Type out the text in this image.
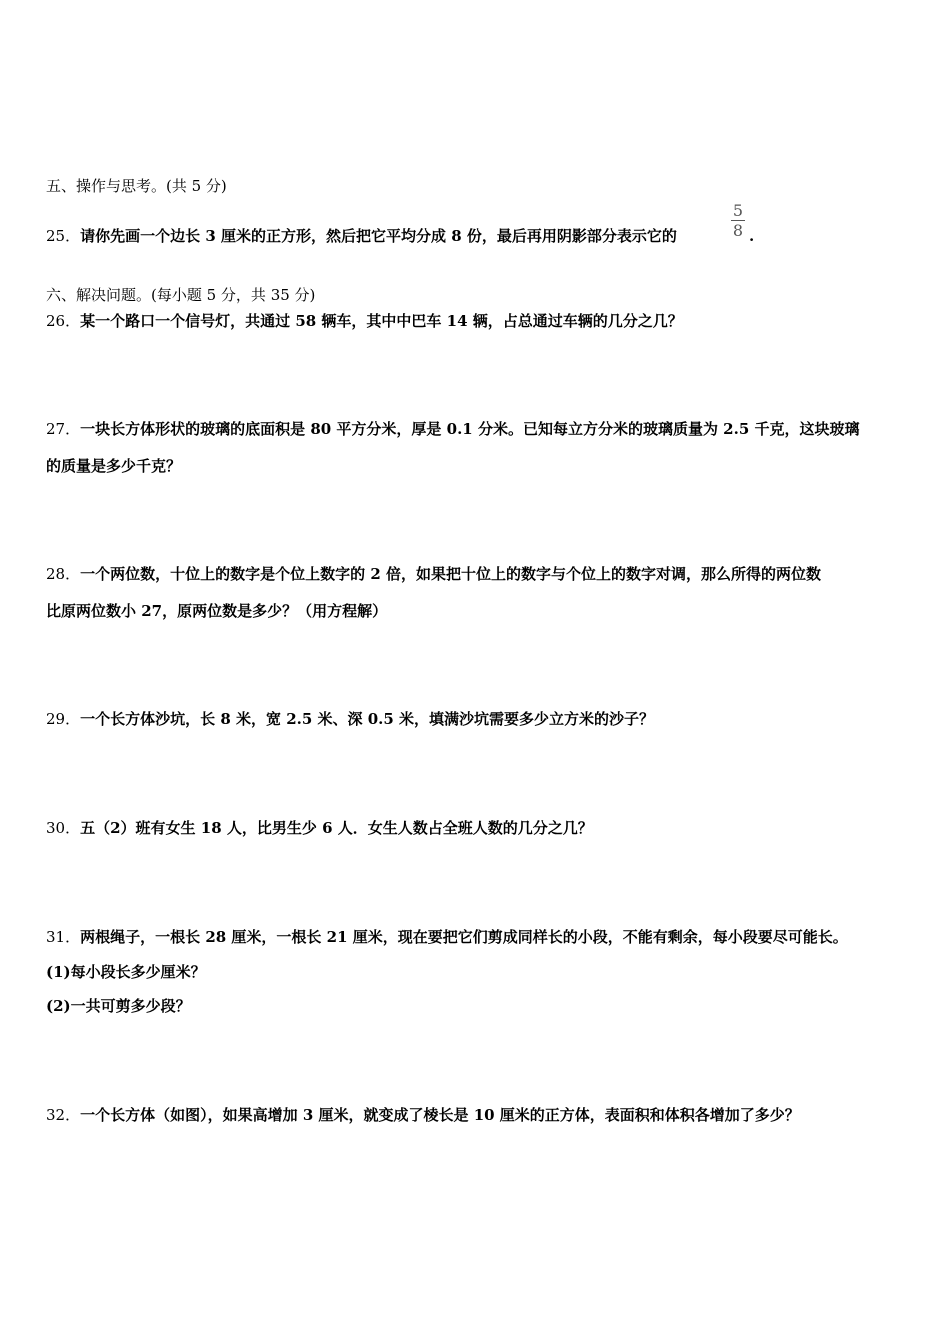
五、操作与思考。(共 5 分)
25．请你先画一个边长 3 厘米的正方形，然后把它平均分成 8 份，最后再用阴影部分表示它的
5
8 .
六、解决问题。(每小题 5 分，共 35 分)
26．某一个路口一个信号灯，共通过 58 辆车，其中中巴车 14 辆，占总通过车辆的几分之几？
27．一块长方体形状的玻璃的底面积是 80 平方分米，厚是 0.1 分米。已知每立方分米的玻璃质量为 2.5 千克，这块玻璃
的质量是多少千克？
28．一个两位数，十位上的数字是个位上数字的 2 倍，如果把十位上的数字与个位上的数字对调，那么所得的两位数
比原两位数小 27，原两位数是多少？（用方程解）
29．一个长方体沙坑，长 8 米，宽 2.5 米、深 0.5 米，填满沙坑需要多少立方米的沙子？
30．五（2）班有女生 18 人，比男生少 6 人．女生人数占全班人数的几分之几？
31．两根绳子，一根长 28 厘米，一根长 21 厘米，现在要把它们剪成同样长的小段，不能有剩余，每小段要尽可能长。
(1)每小段长多少厘米？
(2)一共可剪多少段？
32．一个长方体（如图），如果高增加 3 厘米，就变成了棱长是 10 厘米的正方体，表面积和体积各增加了多少？
